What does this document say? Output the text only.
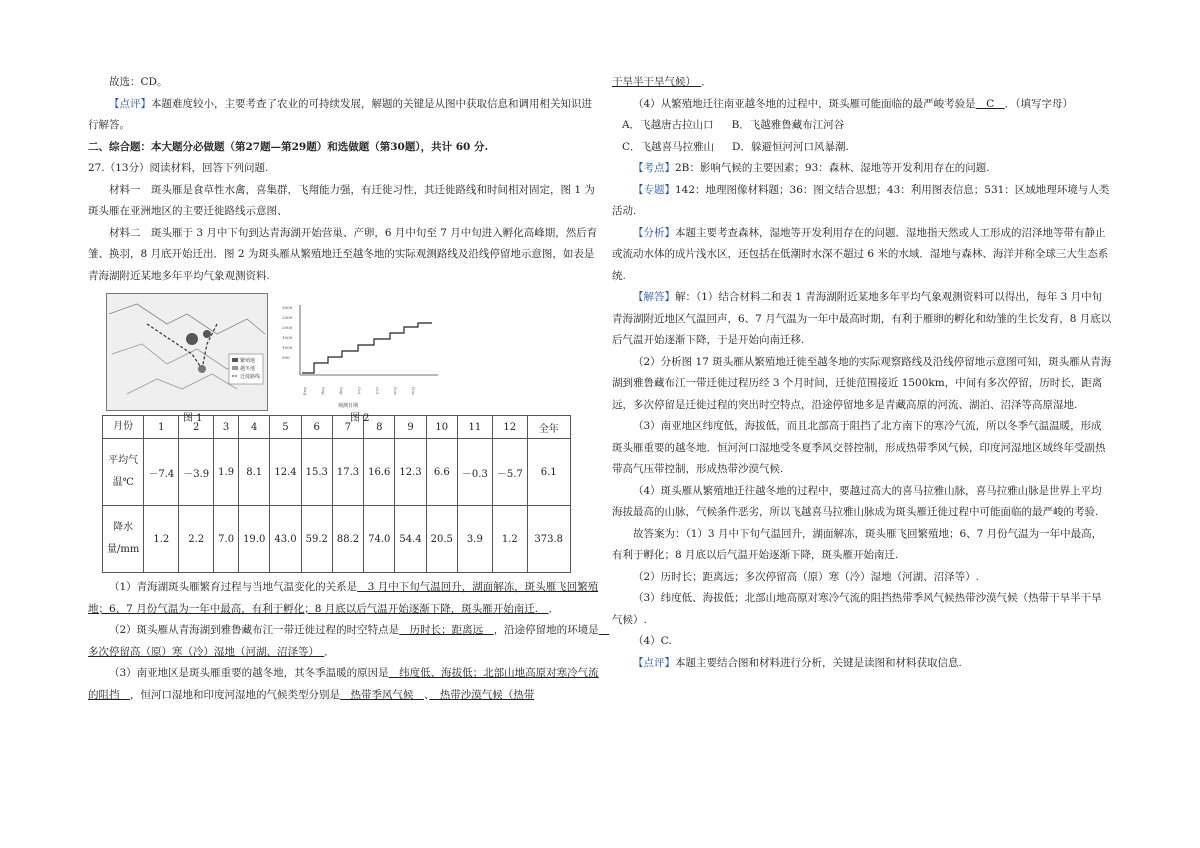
故选：CD。

【点评】本题难度较小，主要考查了农业的可持续发展，解题的关键是从图中获取信息和调用相关知识进行解答。

二、综合题：本大题分必做题（第27题—第29题）和选做题（第30题），共计 60 分.

27.（13分）阅读材料，回答下列问题.

材料一　斑头雁是食草性水禽，喜集群，飞翔能力强，有迁徙习性，其迁徙路线和时间相对固定，图 1 为斑头雁在亚洲地区的主要迁徙路线示意图、

材料二　斑头雁于 3 月中下旬到达青海湖开始营巢、产卵，6 月中旬至 7 月中旬进入孵化高峰期，然后育雏、换羽，8 月底开始迁出．图 2 为斑头雁从繁殖地迁至越冬地的实际观测路线及沿线停留地示意图，如表是青海湖附近某地多年平均气象观测资料.

繁殖地
越冬地
迁徙路线
3000
2500
2000
1500
1000
500
Aug	Sep	Sep	Oct	Oct	Nov	Nov
观测日期
图 1	图 2
月份	1	2	3	4	5	6	7	8	9	10	11	12	全年
平均气温℃	－7.4	－3.9	1.9	8.1	12.4	15.3	17.3	16.6	12.3	6.6	－0.3	－5.7	6.1
降水量/mm	1.2	2.2	7.0	19.0	43.0	59.2	88.2	74.0	54.4	20.5	3.9	1.2	373.8

（1）青海湖斑头雁繁育过程与当地气温变化的关系是　3 月中下旬气温回升，湖面解冻，斑头雁飞回繁殖地；6、7 月份气温为一年中最高，有利于孵化；8 月底以后气温开始逐渐下降，斑头雁开始南迁.　．

（2）斑头雁从青海湖到雅鲁藏布江一带迁徙过程的时空特点是　历时长；距离远　，沿途停留地的环境是　多次停留高（原）寒（冷）湿地（河湖、沼泽等）　．

（3）南亚地区是斑头雁重要的越冬地，其冬季温暖的原因是　纬度低、海拔低；北部山地高原对寒冷气流的阻挡　，恒河口湿地和印度河湿地的气候类型分别是　热带季风气候　、　热带沙漠气候（热带

干旱半干旱气候）　．

（4）从繁殖地迁往南亚越冬地的过程中，斑头雁可能面临的最严峻考验是　C　．（填写字母）

A．飞越唐古拉山口 B．飞越雅鲁藏布江河谷
C．飞越喜马拉雅山 D．躲避恒河河口风暴潮.

【考点】2B：影响气候的主要因素；93：森林、湿地等开发利用存在的问题.

【专题】142：地理图像材料题；36：图文结合思想；43：利用图表信息；531：区域地理环境与人类活动.

【分析】本题主要考查森林，湿地等开发利用存在的问题．湿地指天然或人工形成的沼泽地等带有静止或流动水体的成片浅水区，还包括在低潮时水深不超过 6 米的水域．湿地与森林、海洋并称全球三大生态系统.

【解答】解：（1）结合材料二和表 1 青海湖附近某地多年平均气象观测资料可以得出，每年 3 月中旬青海湖附近地区气温回声，6、7 月气温为一年中最高时期，有利于雁卵的孵化和幼雏的生长发育，8 月底以后气温开始逐渐下降，于是开始向南迁移.

（2）分析图 17 斑头雁从繁殖地迁徙至越冬地的实际观察路线及沿线停留地示意图可知，斑头雁从青海湖到雅鲁藏布江一带迁徙过程历经 3 个月时间，迁徙范围接近 1500km，中间有多次停留，历时长，距离远，多次停留是迁徙过程的突出时空特点，沿途停留地多是青藏高原的河流、湖泊、沼泽等高原湿地.

（3）南亚地区纬度低，海拔低，而且北部高于阻挡了北方南下的寒冷气流，所以冬季气温温暖，形成斑头雁重要的越冬地．恒河河口湿地受冬夏季风交替控制，形成热带季风气候，印度河湿地区域终年受副热带高气压带控制，形成热带沙漠气候.

（4）斑头雁从繁殖地迁往越冬地的过程中，要越过高大的喜马拉雅山脉，喜马拉雅山脉是世界上平均海拔最高的山脉，气候条件恶劣，所以飞越喜马拉雅山脉成为斑头雁迁徙过程中可能面临的最严峻的考验.

故答案为：（1）3 月中下旬气温回升，湖面解冻，斑头雁飞回繁殖地；6、7 月份气温为一年中最高，有利于孵化；8 月底以后气温开始逐渐下降，斑头雁开始南迁.

（2）历时长；距离远；多次停留高（原）寒（冷）湿地（河湖、沼泽等）.

（3）纬度低、海拔低；北部山地高原对寒冷气流的阻挡热带季风气候热带沙漠气候（热带干旱半干旱气候）.

（4）C.

【点评】本题主要结合图和材料进行分析，关键是读图和材料获取信息.
